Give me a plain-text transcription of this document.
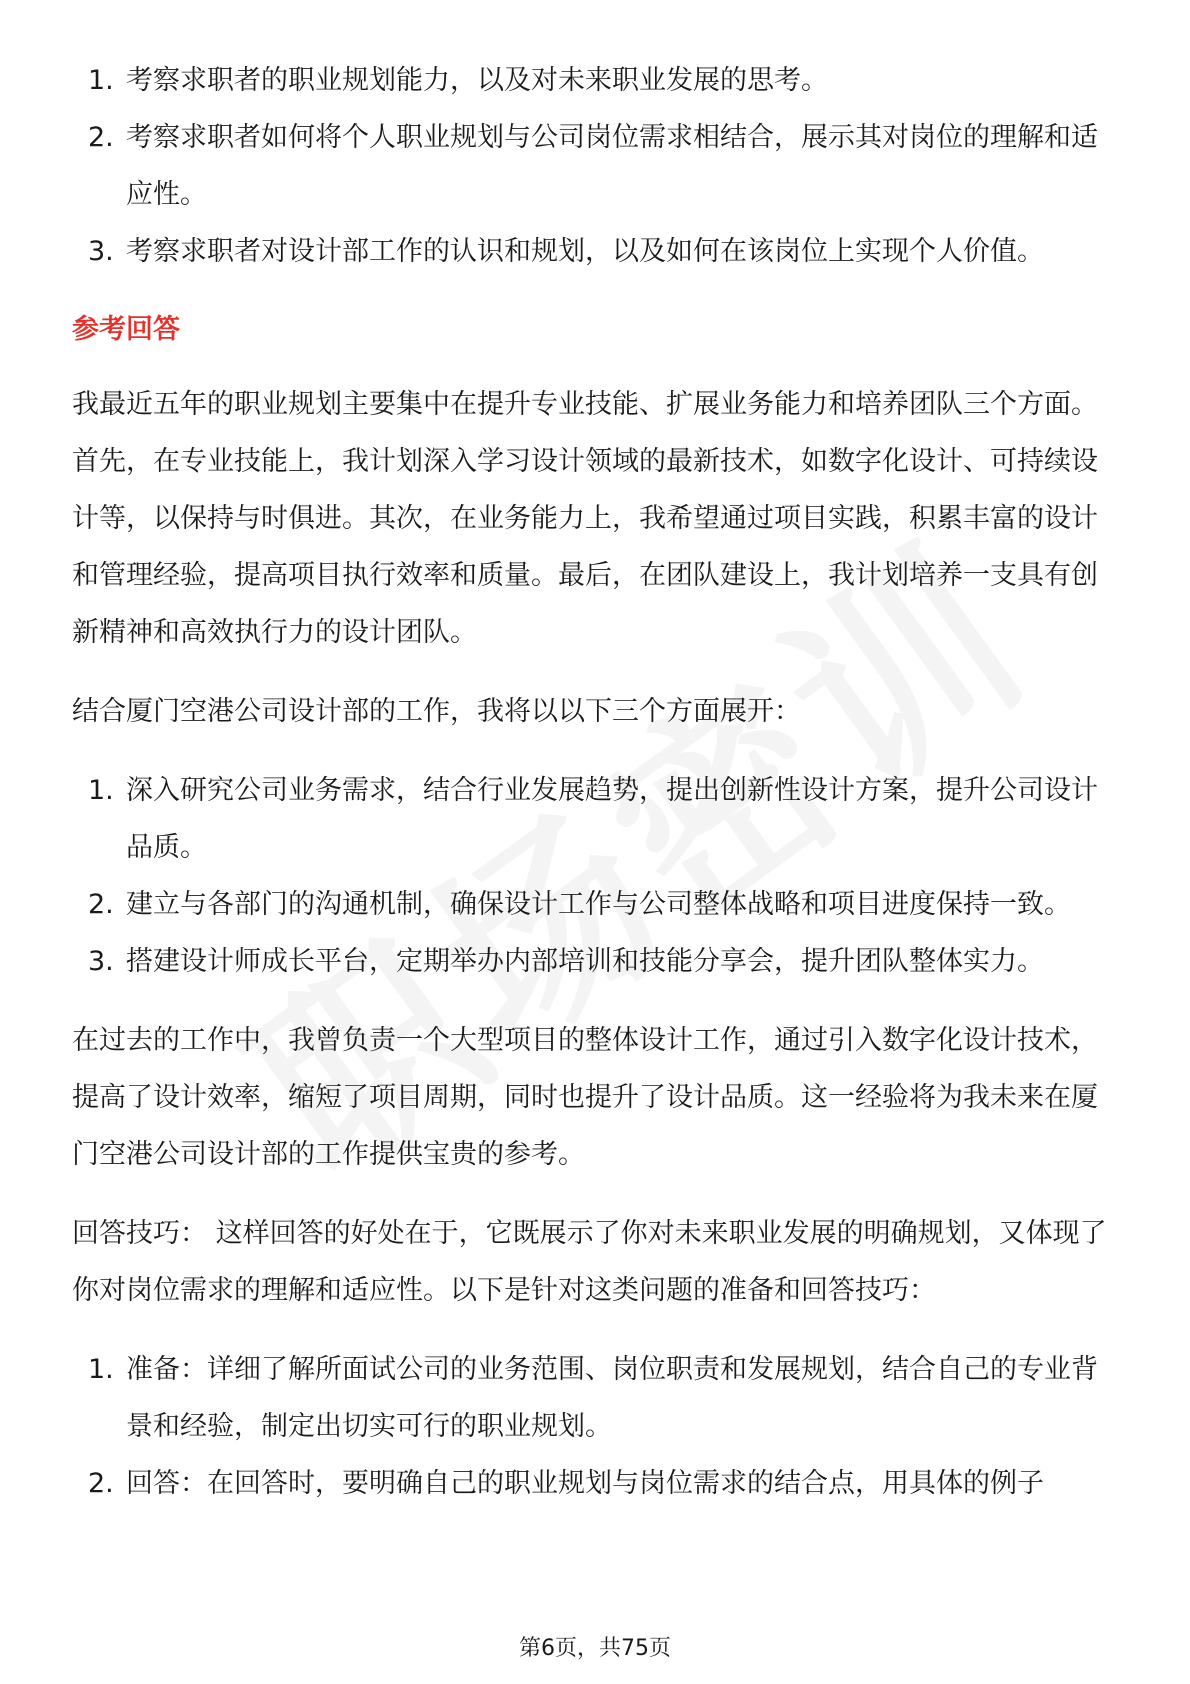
1. 考察求职者的职业规划能力，以及对未来职业发展的思考。
2. 考察求职者如何将个人职业规划与公司岗位需求相结合，展示其对岗位的理解和适应性。
3. 考察求职者对设计部工作的认识和规划，以及如何在该岗位上实现个人价值。
参考回答

我最近五年的职业规划主要集中在提升专业技能、扩展业务能力和培养团队三个方面。首先，在专业技能上，我计划深入学习设计领域的最新技术，如数字化设计、可持续设计等，以保持与时俱进。其次，在业务能力上，我希望通过项目实践，积累丰富的设计和管理经验，提高项目执行效率和质量。最后，在团队建设上，我计划培养一支具有创新精神和高效执行力的设计团队。

结合厦门空港公司设计部的工作，我将以以下三个方面展开：

1. 深入研究公司业务需求，结合行业发展趋势，提出创新性设计方案，提升公司设计品质。
2. 建立与各部门的沟通机制，确保设计工作与公司整体战略和项目进度保持一致。
3. 搭建设计师成长平台，定期举办内部培训和技能分享会，提升团队整体实力。

在过去的工作中，我曾负责一个大型项目的整体设计工作，通过引入数字化设计技术，提高了设计效率，缩短了项目周期，同时也提升了设计品质。这一经验将为我未来在厦门空港公司设计部的工作提供宝贵的参考。

回答技巧： 这样回答的好处在于，它既展示了你对未来职业发展的明确规划，又体现了你对岗位需求的理解和适应性。以下是针对这类问题的准备和回答技巧：

1. 准备：详细了解所面试公司的业务范围、岗位职责和发展规划，结合自己的专业背景和经验，制定出切实可行的职业规划。
2. 回答：在回答时，要明确自己的职业规划与岗位需求的结合点，用具体的例子
第6页，共75页
